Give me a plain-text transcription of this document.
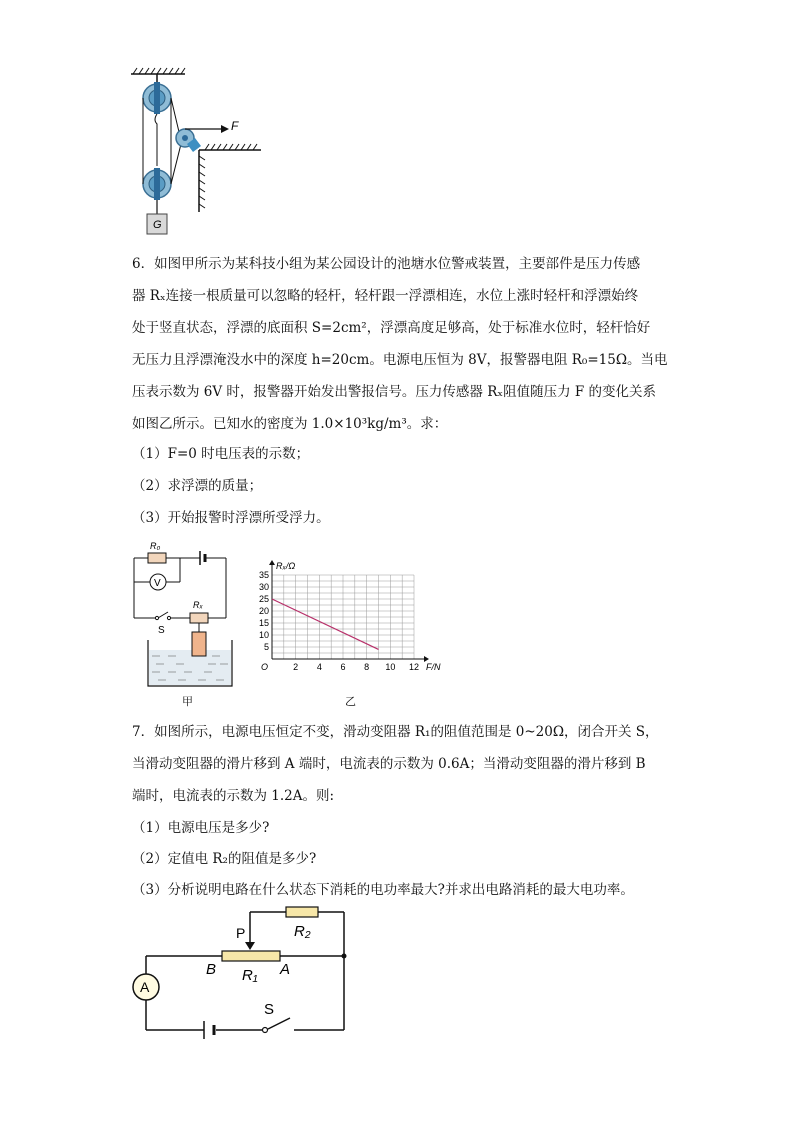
F
G
6．如图甲所示为某科技小组为某公园设计的池塘水位警戒装置，主要部件是压力传感
器 Rₓ连接一根质量可以忽略的轻杆，轻杆跟一浮漂相连，水位上涨时轻杆和浮漂始终
处于竖直状态，浮漂的底面积 S=2cm²，浮漂高度足够高，处于标准水位时，轻杆恰好
无压力且浮漂淹没水中的深度 h=20cm。电源电压恒为 8V，报警器电阻 R₀=15Ω。当电
压表示数为 6V 时，报警器开始发出警报信号。压力传感器 Rₓ阻值随压力 F 的变化关系
如图乙所示。已知水的密度为 1.0×10³kg/m³。求：
（1）F=0 时电压表的示数；
（2）求浮漂的质量；
（3）开始报警时浮漂所受浮力。
V
R₀
Rₓ
S
甲
2 4 6 8 10 12
5
10
15
20
25
30
35
O	F/N
Rₓ/Ω
乙
7．如图所示，电源电压恒定不变，滑动变阻器 R₁的阻值范围是 0~20Ω，闭合开关 S，
当滑动变阻器的滑片移到 A 端时，电流表的示数为 0.6A；当滑动变阻器的滑片移到 B
端时，电流表的示数为 1.2A。则:
（1）电源电压是多少?
（2）定值电 R₂的阻值是多少?
（3）分析说明电路在什么状态下消耗的电功率最大?并求出电路消耗的最大电功率。
A
P	R₂
B R₁ A
S
